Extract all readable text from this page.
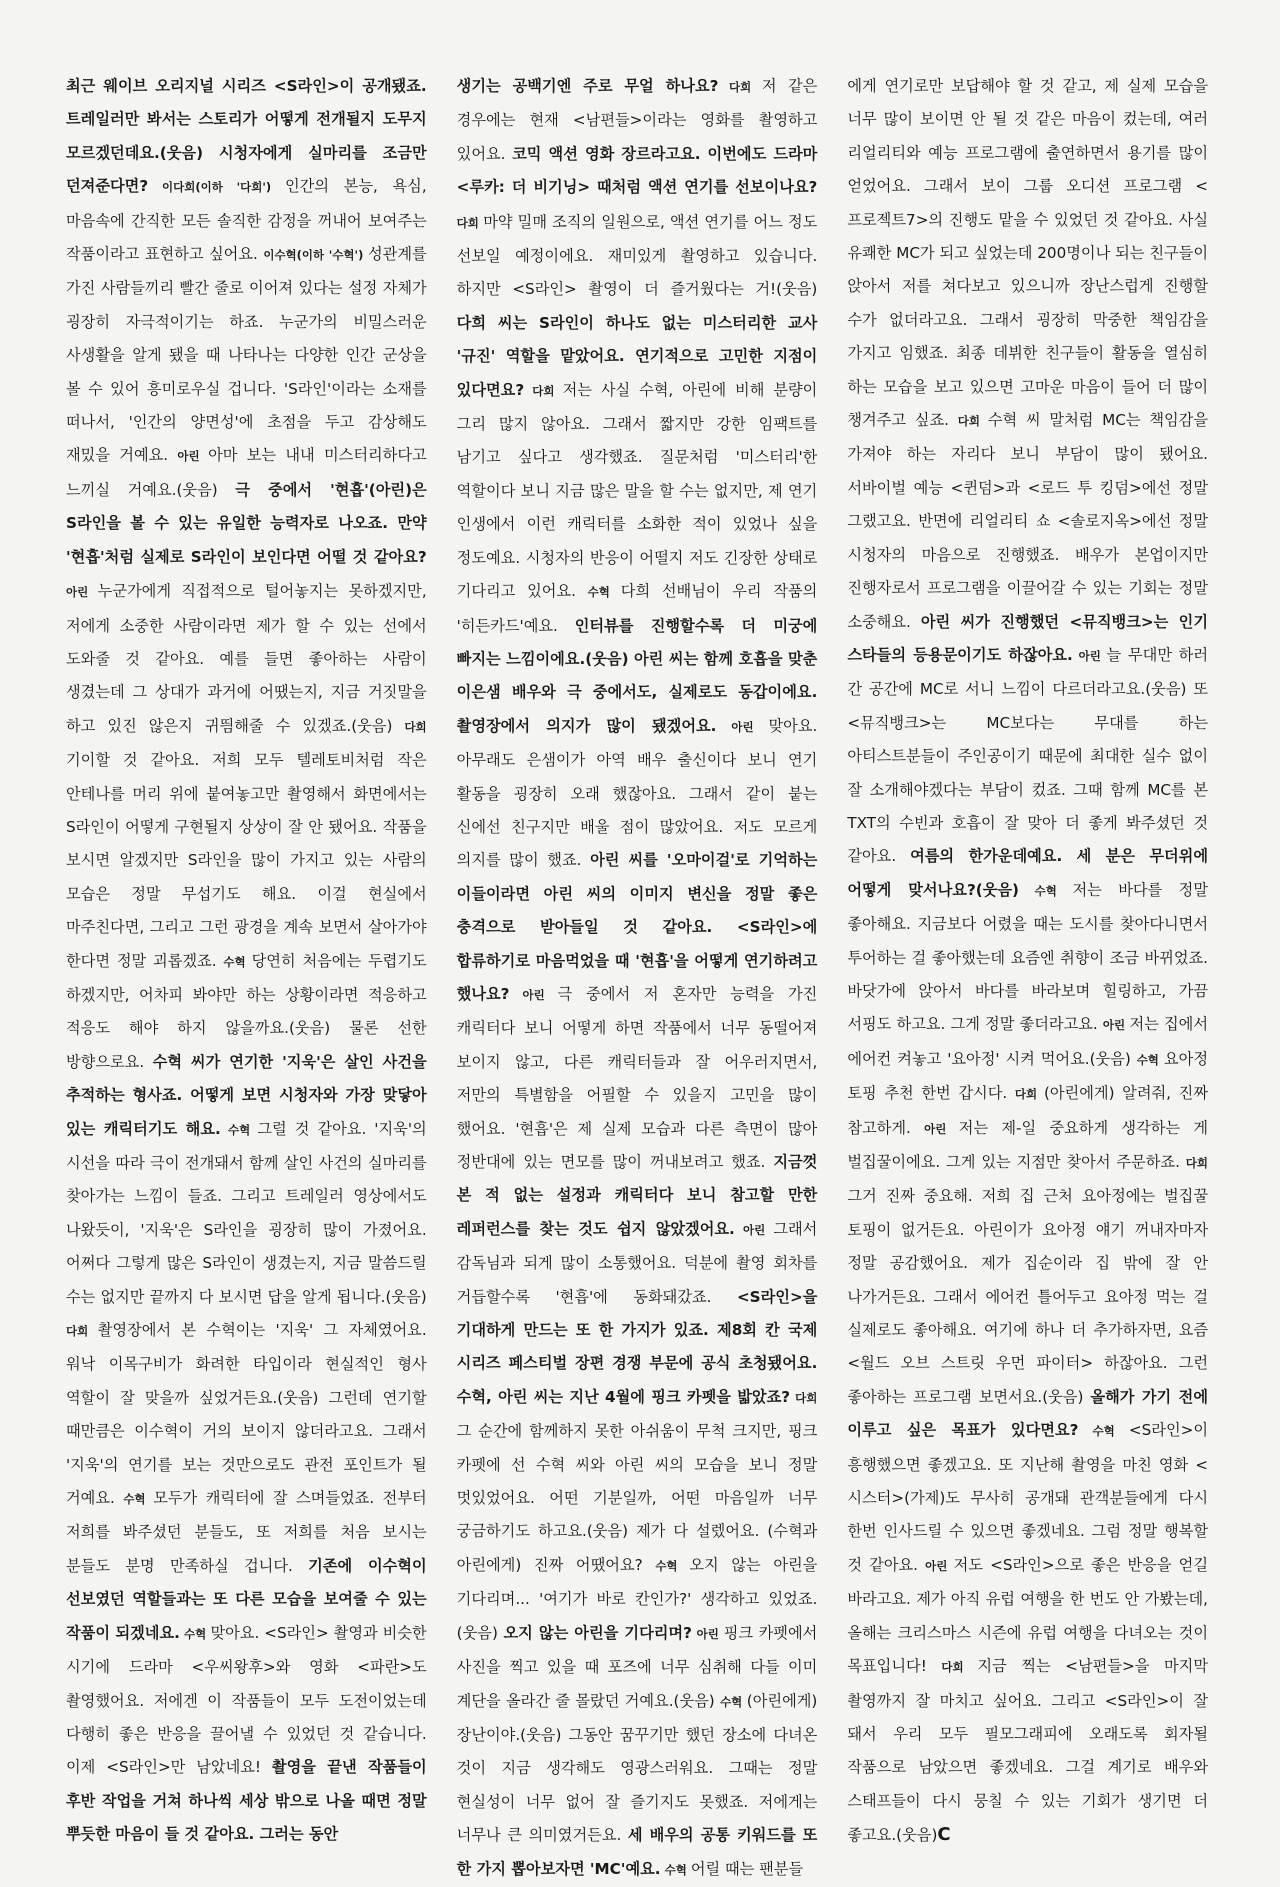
최근 웨이브 오리지널 시리즈 <S라인>이 공개됐죠. 트레일러만 봐서는 스토리가 어떻게 전개될지 도무지 모르겠던데요.(웃음) 시청자에게 실마리를 조금만 던져준다면? 이다희(이하 '다희') 인간의 본능, 욕심, 마음속에 간직한 모든 솔직한 감정을 꺼내어 보여주는 작품이라고 표현하고 싶어요. 이수혁(이하 '수혁') 성관계를 가진 사람들끼리 빨간 줄로 이어져 있다는 설정 자체가 굉장히 자극적이기는 하죠. 누군가의 비밀스러운 사생활을 알게 됐을 때 나타나는 다양한 인간 군상을 볼 수 있어 흥미로우실 겁니다. 'S라인'이라는 소재를 떠나서, '인간의 양면성'에 초점을 두고 감상해도 재밌을 거예요. 아린 아마 보는 내내 미스터리하다고 느끼실 거예요.(웃음) 극 중에서 '현흡'(아린)은 S라인을 볼 수 있는 유일한 능력자로 나오죠. 만약 '현흡'처럼 실제로 S라인이 보인다면 어떨 것 같아요? 아린 누군가에게 직접적으로 털어놓지는 못하겠지만, 저에게 소중한 사람이라면 제가 할 수 있는 선에서 도와줄 것 같아요. 예를 들면 좋아하는 사람이 생겼는데 그 상대가 과거에 어땠는지, 지금 거짓말을 하고 있진 않은지 귀띔해줄 수 있겠죠.(웃음) 다희 기이할 것 같아요. 저희 모두 텔레토비처럼 작은 안테나를 머리 위에 붙여놓고만 촬영해서 화면에서는 S라인이 어떻게 구현될지 상상이 잘 안 됐어요. 작품을 보시면 알겠지만 S라인을 많이 가지고 있는 사람의 모습은 정말 무섭기도 해요. 이걸 현실에서 마주친다면, 그리고 그런 광경을 계속 보면서 살아가야 한다면 정말 괴롭겠죠. 수혁 당연히 처음에는 두렵기도 하겠지만, 어차피 봐야만 하는 상황이라면 적응하고 적응도 해야 하지 않을까요.(웃음) 물론 선한 방향으로요. 수혁 씨가 연기한 '지욱'은 살인 사건을 추적하는 형사죠. 어떻게 보면 시청자와 가장 맞닿아 있는 캐릭터기도 해요. 수혁 그럴 것 같아요. '지욱'의 시선을 따라 극이 전개돼서 함께 살인 사건의 실마리를 찾아가는 느낌이 들죠. 그리고 트레일러 영상에서도 나왔듯이, '지욱'은 S라인을 굉장히 많이 가졌어요. 어쩌다 그렇게 많은 S라인이 생겼는지, 지금 말씀드릴 수는 없지만 끝까지 다 보시면 답을 알게 됩니다.(웃음) 다희 촬영장에서 본 수혁이는 '지욱' 그 자체였어요. 워낙 이목구비가 화려한 타입이라 현실적인 형사 역할이 잘 맞을까 싶었거든요.(웃음) 그런데 연기할 때만큼은 이수혁이 거의 보이지 않더라고요. 그래서 '지욱'의 연기를 보는 것만으로도 관전 포인트가 될 거예요. 수혁 모두가 캐릭터에 잘 스며들었죠. 전부터 저희를 봐주셨던 분들도, 또 저희를 처음 보시는 분들도 분명 만족하실 겁니다. 기존에 이수혁이 선보였던 역할들과는 또 다른 모습을 보여줄 수 있는 작품이 되겠네요. 수혁 맞아요. <S라인> 촬영과 비슷한 시기에 드라마 <우씨왕후>와 영화 <파란>도 촬영했어요. 저에겐 이 작품들이 모두 도전이었는데 다행히 좋은 반응을 끌어낼 수 있었던 것 같습니다. 이제 <S라인>만 남았네요! 촬영을 끝낸 작품들이 후반 작업을 거쳐 하나씩 세상 밖으로 나올 때면 정말 뿌듯한 마음이 들 것 같아요. 그러는 동안
생기는 공백기엔 주로 무얼 하나요? 다희 저 같은 경우에는 현재 <남편들>이라는 영화를 촬영하고 있어요. 코믹 액션 영화 장르라고요. 이번에도 드라마 <루카: 더 비기닝> 때처럼 액션 연기를 선보이나요? 다희 마약 밀매 조직의 일원으로, 액션 연기를 어느 정도 선보일 예정이에요. 재미있게 촬영하고 있습니다. 하지만 <S라인> 촬영이 더 즐거웠다는 거!(웃음) 다희 씨는 S라인이 하나도 없는 미스터리한 교사 '규진' 역할을 맡았어요. 연기적으로 고민한 지점이 있다면요? 다희 저는 사실 수혁, 아린에 비해 분량이 그리 많지 않아요. 그래서 짧지만 강한 임팩트를 남기고 싶다고 생각했죠. 질문처럼 '미스터리'한 역할이다 보니 지금 많은 말을 할 수는 없지만, 제 연기 인생에서 이런 캐릭터를 소화한 적이 있었나 싶을 정도예요. 시청자의 반응이 어떨지 저도 긴장한 상태로 기다리고 있어요. 수혁 다희 선배님이 우리 작품의 '히든카드'예요. 인터뷰를 진행할수록 더 미궁에 빠지는 느낌이에요.(웃음) 아린 씨는 함께 호흡을 맞춘 이은샘 배우와 극 중에서도, 실제로도 동갑이에요. 촬영장에서 의지가 많이 됐겠어요. 아린 맞아요. 아무래도 은샘이가 아역 배우 출신이다 보니 연기 활동을 굉장히 오래 했잖아요. 그래서 같이 붙는 신에선 친구지만 배울 점이 많았어요. 저도 모르게 의지를 많이 했죠. 아린 씨를 '오마이걸'로 기억하는 이들이라면 아린 씨의 이미지 변신을 정말 좋은 충격으로 받아들일 것 같아요. <S라인>에 합류하기로 마음먹었을 때 '현흡'을 어떻게 연기하려고 했나요? 아린 극 중에서 저 혼자만 능력을 가진 캐릭터다 보니 어떻게 하면 작품에서 너무 동떨어져 보이지 않고, 다른 캐릭터들과 잘 어우러지면서, 저만의 특별함을 어필할 수 있을지 고민을 많이 했어요. '현흡'은 제 실제 모습과 다른 측면이 많아 정반대에 있는 면모를 많이 꺼내보려고 했죠. 지금껏 본 적 없는 설정과 캐릭터다 보니 참고할 만한 레퍼런스를 찾는 것도 쉽지 않았겠어요. 아린 그래서 감독님과 되게 많이 소통했어요. 덕분에 촬영 회차를 거듭할수록 '현흡'에 동화돼갔죠. <S라인>을 기대하게 만드는 또 한 가지가 있죠. 제8회 칸 국제 시리즈 페스티벌 장편 경쟁 부문에 공식 초청됐어요. 수혁, 아린 씨는 지난 4월에 핑크 카펫을 밟았죠? 다희 그 순간에 함께하지 못한 아쉬움이 무척 크지만, 핑크 카펫에 선 수혁 씨와 아린 씨의 모습을 보니 정말 멋있었어요. 어떤 기분일까, 어떤 마음일까 너무 궁금하기도 하고요.(웃음) 제가 다 설렜어요. (수혁과 아린에게) 진짜 어땠어요? 수혁 오지 않는 아린을 기다리며... '여기가 바로 칸인가?' 생각하고 있었죠.(웃음) 오지 않는 아린을 기다리며? 아린 핑크 카펫에서 사진을 찍고 있을 때 포즈에 너무 심취해 다들 이미 계단을 올라간 줄 몰랐던 거예요.(웃음) 수혁 (아린에게) 장난이야.(웃음) 그동안 꿈꾸기만 했던 장소에 다녀온 것이 지금 생각해도 영광스러워요. 그때는 정말 현실성이 너무 없어 잘 즐기지도 못했죠. 저에게는 너무나 큰 의미였거든요. 세 배우의 공통 키워드를 또 한 가지 뽑아보자면 'MC'예요. 수혁 어릴 때는 팬분들
에게 연기로만 보답해야 할 것 같고, 제 실제 모습을 너무 많이 보이면 안 될 것 같은 마음이 컸는데, 여러 리얼리티와 예능 프로그램에 출연하면서 용기를 많이 얻었어요. 그래서 보이 그룹 오디션 프로그램 <프로젝트7>의 진행도 맡을 수 있었던 것 같아요. 사실 유쾌한 MC가 되고 싶었는데 200명이나 되는 친구들이 앉아서 저를 쳐다보고 있으니까 장난스럽게 진행할 수가 없더라고요. 그래서 굉장히 막중한 책임감을 가지고 임했죠. 최종 데뷔한 친구들이 활동을 열심히 하는 모습을 보고 있으면 고마운 마음이 들어 더 많이 챙겨주고 싶죠. 다희 수혁 씨 말처럼 MC는 책임감을 가져야 하는 자리다 보니 부담이 많이 됐어요. 서바이벌 예능 <퀸덤>과 <로드 투 킹덤>에선 정말 그랬고요. 반면에 리얼리티 쇼 <솔로지옥>에선 정말 시청자의 마음으로 진행했죠. 배우가 본업이지만 진행자로서 프로그램을 이끌어갈 수 있는 기회는 정말 소중해요. 아린 씨가 진행했던 <뮤직뱅크>는 인기 스타들의 등용문이기도 하잖아요. 아린 늘 무대만 하러 간 공간에 MC로 서니 느낌이 다르더라고요.(웃음) 또 <뮤직뱅크>는 MC보다는 무대를 하는 아티스트분들이 주인공이기 때문에 최대한 실수 없이 잘 소개해야겠다는 부담이 컸죠. 그때 함께 MC를 본 TXT의 수빈과 호흡이 잘 맞아 더 좋게 봐주셨던 것 같아요. 여름의 한가운데예요. 세 분은 무더위에 어떻게 맞서나요?(웃음) 수혁 저는 바다를 정말 좋아해요. 지금보다 어렸을 때는 도시를 찾아다니면서 투어하는 걸 좋아했는데 요즘엔 취향이 조금 바뀌었죠. 바닷가에 앉아서 바다를 바라보며 힐링하고, 가끔 서핑도 하고요. 그게 정말 좋더라고요. 아린 저는 집에서 에어컨 켜놓고 '요아정' 시켜 먹어요.(웃음) 수혁 요아정 토핑 추천 한번 갑시다. 다희 (아린에게) 알려줘, 진짜 참고하게. 아린 저는 제-일 중요하게 생각하는 게 벌집꿀이에요. 그게 있는 지점만 찾아서 주문하죠. 다희 그거 진짜 중요해. 저희 집 근처 요아정에는 벌집꿀 토핑이 없거든요. 아린이가 요아정 얘기 꺼내자마자 정말 공감했어요. 제가 집순이라 집 밖에 잘 안 나가거든요. 그래서 에어컨 틀어두고 요아정 먹는 걸 실제로도 좋아해요. 여기에 하나 더 추가하자면, 요즘 <월드 오브 스트릿 우먼 파이터> 하잖아요. 그런 좋아하는 프로그램 보면서요.(웃음) 올해가 가기 전에 이루고 싶은 목표가 있다면요? 수혁 <S라인>이 흥행했으면 좋겠고요. 또 지난해 촬영을 마친 영화 <시스터>(가제)도 무사히 공개돼 관객분들에게 다시 한번 인사드릴 수 있으면 좋겠네요. 그럼 정말 행복할 것 같아요. 아린 저도 <S라인>으로 좋은 반응을 얻길 바라고요. 제가 아직 유럽 여행을 한 번도 안 가봤는데, 올해는 크리스마스 시즌에 유럽 여행을 다녀오는 것이 목표입니다! 다희 지금 찍는 <남편들>을 마지막 촬영까지 잘 마치고 싶어요. 그리고 <S라인>이 잘 돼서 우리 모두 필모그래피에 오래도록 회자될 작품으로 남았으면 좋겠네요. 그걸 계기로 배우와 스태프들이 다시 뭉칠 수 있는 기회가 생기면 더 좋고요.(웃음)C
